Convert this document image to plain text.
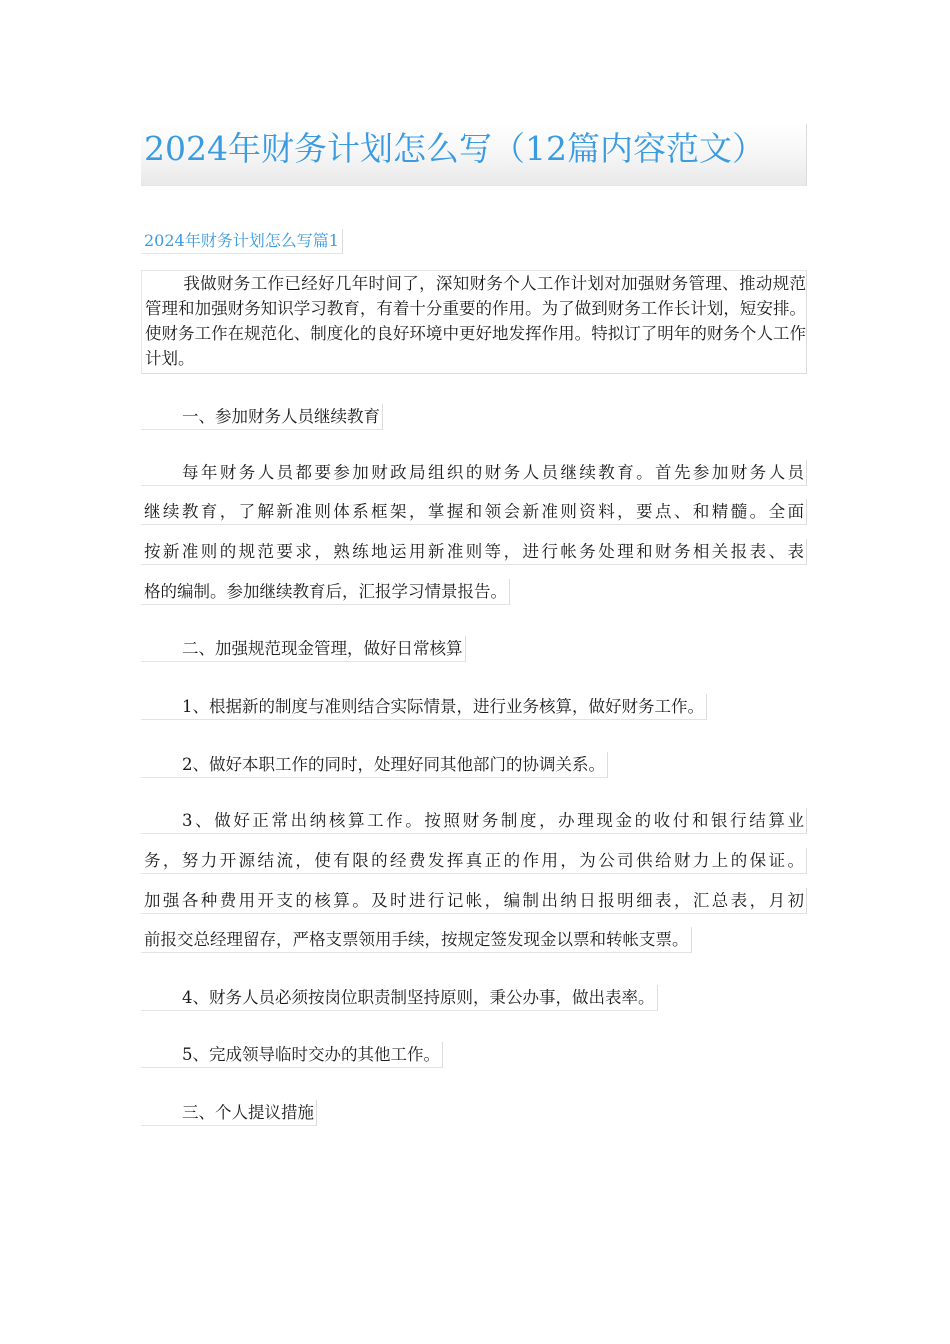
2024年财务计划怎么写（12篇内容范文）
2024年财务计划怎么写篇1
我做财务工作已经好几年时间了，深知财务个人工作计划对加强财务管理、推动规范管理和加强财务知识学习教育，有着十分重要的作用。为了做到财务工作长计划，短安排。使财务工作在规范化、制度化的良好环境中更好地发挥作用。特拟订了明年的财务个人工作计划。
一、参加财务人员继续教育
每年财务人员都要参加财政局组织的财务人员继续教育。首先参加财务人员
继续教育，了解新准则体系框架，掌握和领会新准则资料，要点、和精髓。全面
按新准则的规范要求，熟练地运用新准则等，进行帐务处理和财务相关报表、表
格的编制。参加继续教育后，汇报学习情景报告。
二、加强规范现金管理，做好日常核算
1、根据新的制度与准则结合实际情景，进行业务核算，做好财务工作。
2、做好本职工作的同时，处理好同其他部门的协调关系。
3、做好正常出纳核算工作。按照财务制度，办理现金的收付和银行结算业
务，努力开源结流，使有限的经费发挥真正的作用，为公司供给财力上的保证。
加强各种费用开支的核算。及时进行记帐，编制出纳日报明细表，汇总表，月初
前报交总经理留存，严格支票领用手续，按规定签发现金以票和转帐支票。
4、财务人员必须按岗位职责制坚持原则，秉公办事，做出表率。
5、完成领导临时交办的其他工作。
三、个人提议措施
